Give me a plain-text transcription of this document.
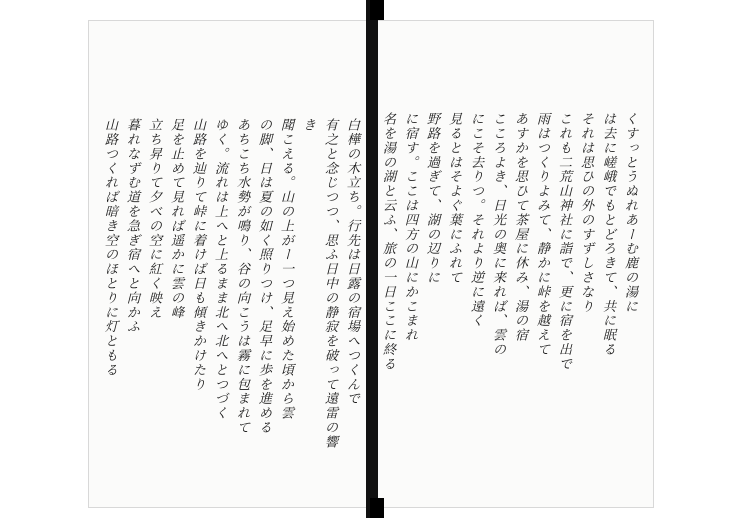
白樺の木立ち。行先は日露の宿場へつくんで
有之と念じつつ、思ふ日中の静寂を破って遠雷の響き
聞こえる。山の上がー一つ見え始めた頃から雲
の脚、日は夏の如く照りつけ、足早に歩を進める
あちこち水勢が鳴り、谷の向こうは霧に包まれて
ゆく。流れは上へと上るまま北へ北へとつづく
山路を辿りて峠に着けば日も傾きかけたり
足を止めて見れば遥かに雲の峰
立ち昇りて夕べの空に紅く映え
暮れなずむ道を急ぎ宿へと向かふ
山路つくれば暗き空のほとりに灯ともる	くすっとうぬれあーむ鹿の湯に
は去に嵯峨でもとどろきて、共に眠る
それは思ひの外のすずしさなり
これも二荒山神社に詣で、更に宿を出で
雨はつくりよみて、静かに峠を越えて
あすかを思ひて茶屋に休み、湯の宿
こころよき、日光の奥に来れば、雲の
にこそ去りつ。それより逆に遠く
見るとはそよぐ葉にふれて
野路を過ぎて、湖の辺りに
に宿す。ここは四方の山にかこまれ
名を湯の湖と云ふ、旅の一日ここに終る
